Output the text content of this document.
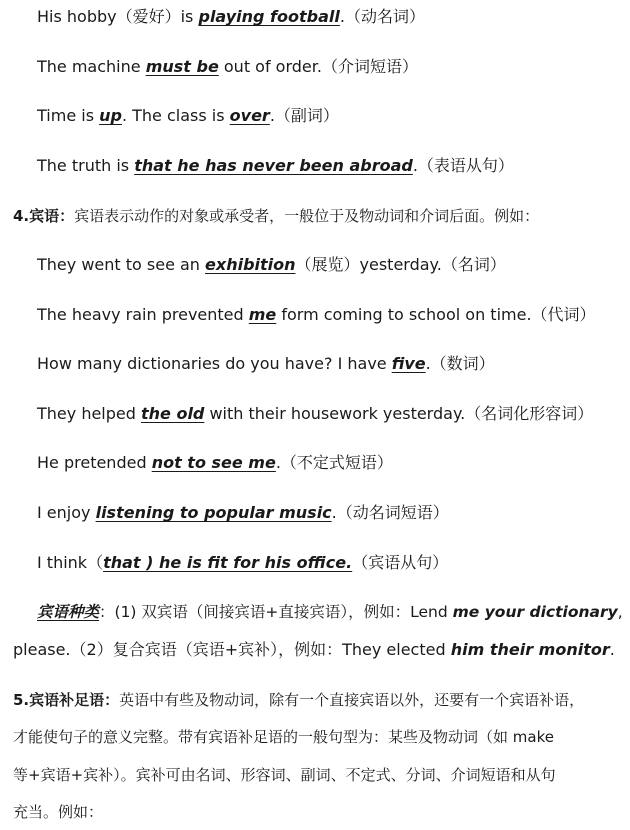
His hobby（爱好）is playing football.（动名词）
The machine must be out of order.（介词短语）
Time is up. The class is over.（副词）
The truth is that he has never been abroad.（表语从句）
4.宾语：宾语表示动作的对象或承受者，一般位于及物动词和介词后面。例如：
They went to see an exhibition（展览）yesterday.（名词）
The heavy rain prevented me form coming to school on time.（代词）
How many dictionaries do you have? I have five.（数词）
They helped the old with their housework yesterday.（名词化形容词）
He pretended not to see me.（不定式短语）
I enjoy listening to popular music.（动名词短语）
I think（that ) he is fit for his office.（宾语从句）
宾语种类：(1) 双宾语（间接宾语+直接宾语），例如：Lend me your dictionary,
please.（2）复合宾语（宾语+宾补），例如：They elected him their monitor.
5.宾语补足语：英语中有些及物动词，除有一个直接宾语以外，还要有一个宾语补语，
才能使句子的意义完整。带有宾语补足语的一般句型为：某些及物动词（如 make
等+宾语+宾补）。宾补可由名词、形容词、副词、不定式、分词、介词短语和从句
充当。例如：
